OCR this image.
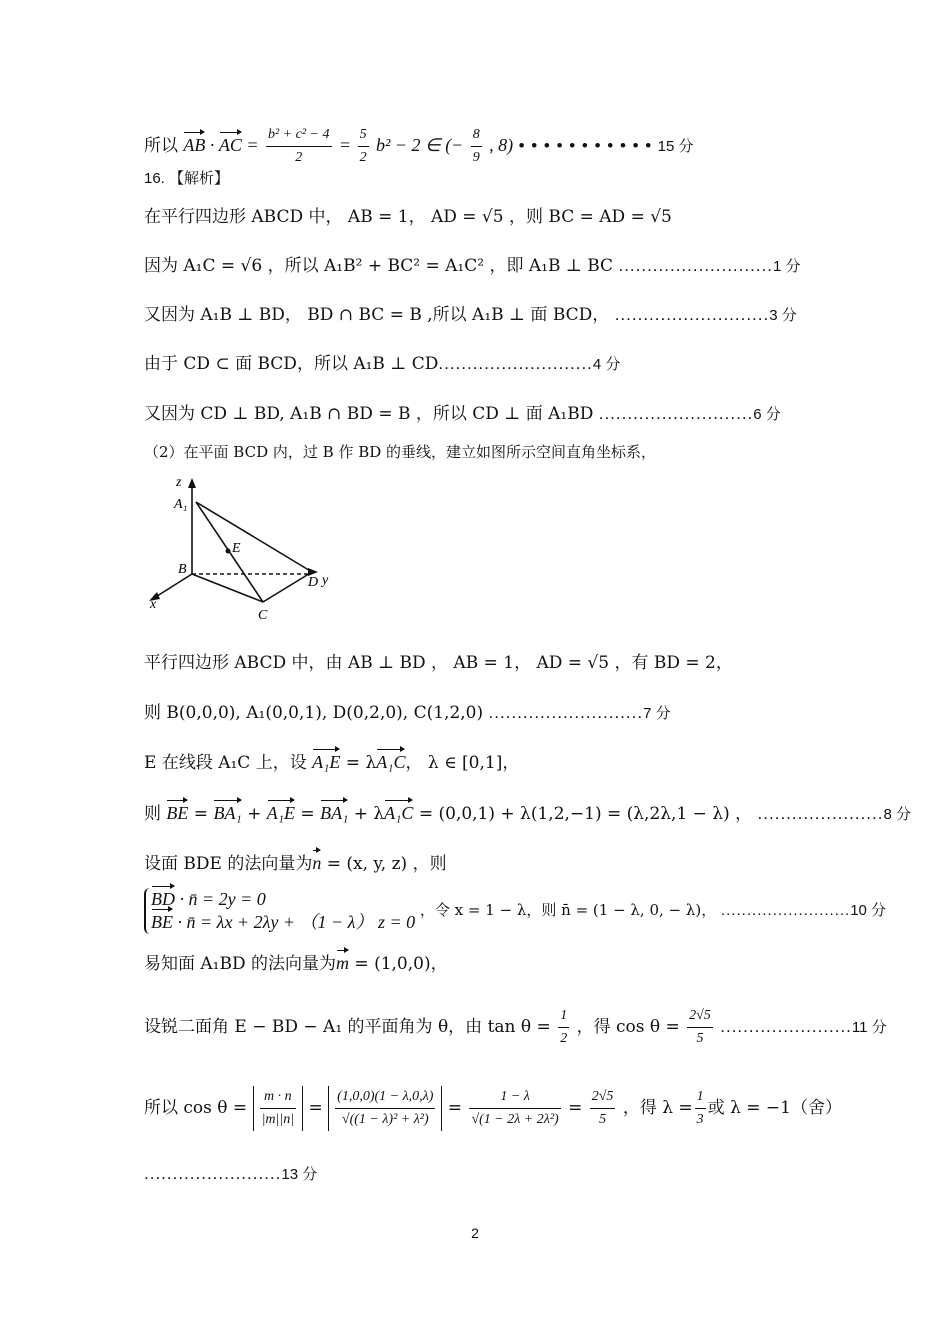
所以 AB · AC = $\frac{\text{b² + c² − 4}}{2} = \frac{5}{2} b^2 - 2$ ∈ (− $\frac{8}{9}$ , 8) • • • • • • • • • • • 15 分
16. 【解析】
在平行四边形 ABCD 中， AB = 1， AD = √5 ，则 BC = AD = √5
因为 A₁C = √6 ，所以 A₁B² + BC² = A₁C² ，即 A₁B ⊥ BC ...........................1 分
又因为 A₁B ⊥ BD， BD ∩ BC = B ,所以 A₁B ⊥ 面 BCD， ...........................3 分
由于 CD ⊂ 面 BCD，所以 A₁B ⊥ CD...........................4 分
又因为 CD ⊥ BD, A₁B ∩ BD = B ，所以 CD ⊥ 面 A₁BD ...........................6 分
（2）在平面 BCD 内，过 B 作 BD 的垂线，建立如图所示空间直角坐标系，
z
A₁
E
B
D y
x
C
平行四边形 ABCD 中，由 AB ⊥ BD ， AB = 1， AD = √5 ，有 BD = 2，
则 B(0,0,0), A₁(0,0,1), D(0,2,0), C(1,2,0) ...........................7 分
E 在线段 A₁C 上，设 A₁E = λA₁C， λ ∈ [0,1]，
则 BE = BA₁ + A₁E = BA₁ + λA₁C = (0,0,1) + λ(1,2,−1) = (λ,2λ,1 − λ) ， ......................8 分
设面 BDE 的法向量为n = (x, y, z) ，则
BD · n̄ = 2y = 0
BE · n̄ = λx + 2λy + （1 − λ） z = 0
，令 x = 1 − λ，则 n̄ = (1 − λ, 0, − λ)， .........................10 分
易知面 A₁BD 的法向量为m = (1,0,0)，
设锐二面角 E − BD − A₁ 的平面角为 θ，由 $\tan \theta = \frac{1}{2}$ ，得 $\cos \theta = \frac{2√5}{5} .......................11$ 分
所以 $\cos \theta = \frac{m \cdot n}{|m||n|} = \frac{(1,0,0)(1 - \lambda,0,\lambda)}{\text{√((1 − λ)² + λ²)}} = \frac{1 - \lambda}{\text{√(1 − 2λ + 2λ²)}} = \frac{2√5}{5}$ ，得 $\lambda = \frac{1}{3}$ 或 λ = −1（舍）
........................13 分
2
